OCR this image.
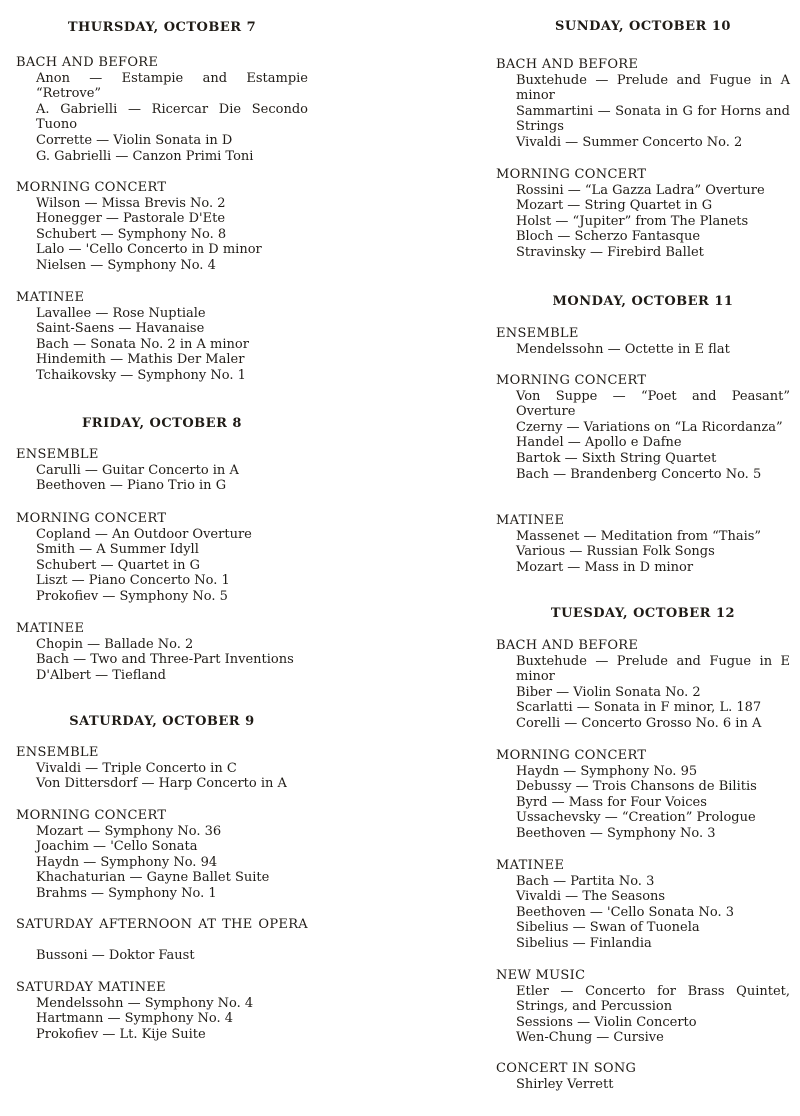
THURSDAY, OCTOBER 7
BACH AND BEFORE
Anon — Estampie and Estampie “Retrove”
A. Gabrielli — Ricercar Die Secondo Tuono
Corrette — Violin Sonata in D
G. Gabrielli — Canzon Primi Toni
MORNING CONCERT
Wilson — Missa Brevis No. 2
Honegger — Pastorale D'Ete
Schubert — Symphony No. 8
Lalo — 'Cello Concerto in D minor
Nielsen — Symphony No. 4
MATINEE
Lavallee — Rose Nuptiale
Saint-Saens — Havanaise
Bach — Sonata No. 2 in A minor
Hindemith — Mathis Der Maler
Tchaikovsky — Symphony No. 1
FRIDAY, OCTOBER 8
ENSEMBLE
Carulli — Guitar Concerto in A
Beethoven — Piano Trio in G
MORNING CONCERT
Copland — An Outdoor Overture
Smith — A Summer Idyll
Schubert — Quartet in G
Liszt — Piano Concerto No. 1
Prokofiev — Symphony No. 5
MATINEE
Chopin — Ballade No. 2
Bach — Two and Three-Part Inventions
D'Albert — Tiefland
SATURDAY, OCTOBER 9
ENSEMBLE
Vivaldi — Triple Concerto in C
Von Dittersdorf — Harp Concerto in A
MORNING CONCERT
Mozart — Symphony No. 36
Joachim — 'Cello Sonata
Haydn — Symphony No. 94
Khachaturian — Gayne Ballet Suite
Brahms — Symphony No. 1
SATURDAY AFTERNOON AT THE OPERA
Bussoni — Doktor Faust
SATURDAY MATINEE
Mendelssohn — Symphony No. 4
Hartmann — Symphony No. 4
Prokofiev — Lt. Kije Suite
SUNDAY, OCTOBER 10
BACH AND BEFORE
Buxtehude — Prelude and Fugue in A minor
Sammartini — Sonata in G for Horns and Strings
Vivaldi — Summer Concerto No. 2
MORNING CONCERT
Rossini — “La Gazza Ladra” Overture
Mozart — String Quartet in G
Holst — “Jupiter” from The Planets
Bloch — Scherzo Fantasque
Stravinsky — Firebird Ballet
MONDAY, OCTOBER 11
ENSEMBLE
Mendelssohn — Octette in E flat
MORNING CONCERT
Von Suppe — “Poet and Peasant” Overture
Czerny — Variations on “La Ricordanza”
Handel — Apollo e Dafne
Bartok — Sixth String Quartet
Bach — Brandenberg Concerto No. 5
MATINEE
Massenet — Meditation from “Thais”
Various — Russian Folk Songs
Mozart — Mass in D minor
TUESDAY, OCTOBER 12
BACH AND BEFORE
Buxtehude — Prelude and Fugue in E minor
Biber — Violin Sonata No. 2
Scarlatti — Sonata in F minor, L. 187
Corelli — Concerto Grosso No. 6 in A
MORNING CONCERT
Haydn — Symphony No. 95
Debussy — Trois Chansons de Bilitis
Byrd — Mass for Four Voices
Ussachevsky — “Creation” Prologue
Beethoven — Symphony No. 3
MATINEE
Bach — Partita No. 3
Vivaldi — The Seasons
Beethoven — 'Cello Sonata No. 3
Sibelius — Swan of Tuonela
Sibelius — Finlandia
NEW MUSIC
Etler — Concerto for Brass Quintet, Strings, and Percussion
Sessions — Violin Concerto
Wen-Chung — Cursive
CONCERT IN SONG
Shirley Verrett
